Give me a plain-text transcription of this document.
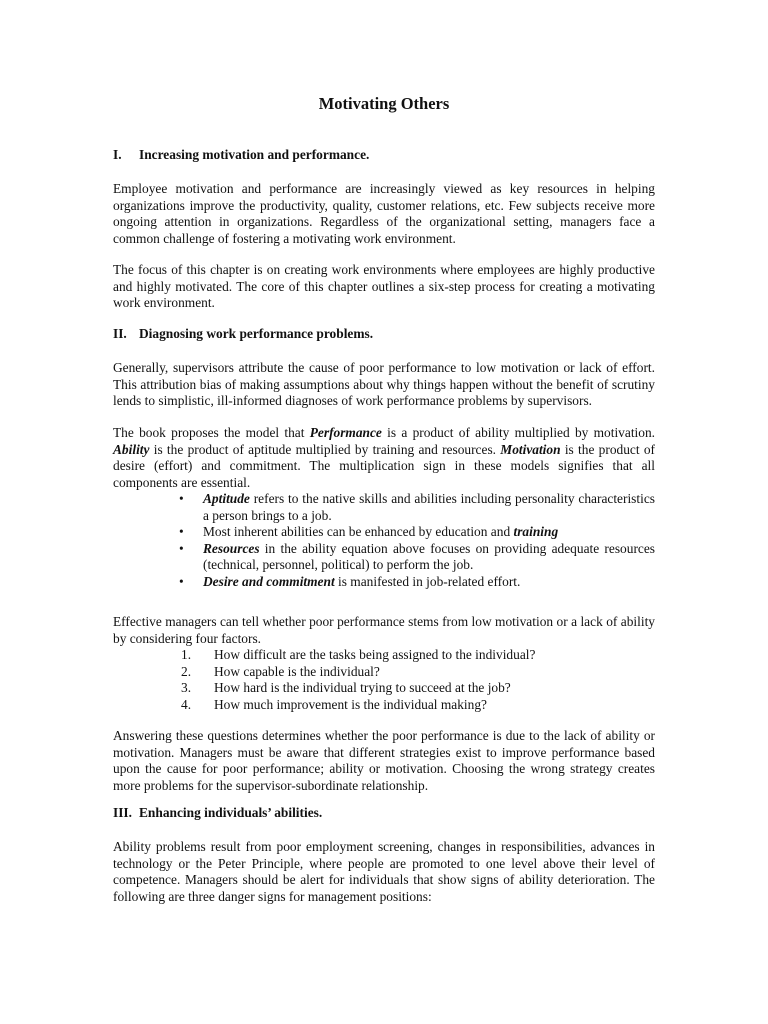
Motivating Others
I. Increasing motivation and performance.

Employee motivation and performance are increasingly viewed as key resources in helping organizations improve the productivity, quality, customer relations, etc. Few subjects receive more ongoing attention in organizations. Regardless of the organizational setting, managers face a common challenge of fostering a motivating work environment.

The focus of this chapter is on creating work environments where employees are highly productive and highly motivated. The core of this chapter outlines a six-step process for creating a motivating work environment.

II. Diagnosing work performance problems.

Generally, supervisors attribute the cause of poor performance to low motivation or lack of effort. This attribution bias of making assumptions about why things happen without the benefit of scrutiny lends to simplistic, ill-informed diagnoses of work performance problems by supervisors.

The book proposes the model that Performance is a product of ability multiplied by motivation. Ability is the product of aptitude multiplied by training and resources. Motivation is the product of desire (effort) and commitment. The multiplication sign in these models signifies that all components are essential.

• Aptitude refers to the native skills and abilities including personality characteristics a person brings to a job.
• Most inherent abilities can be enhanced by education and training
• Resources in the ability equation above focuses on providing adequate resources (technical, personnel, political) to perform the job.
• Desire and commitment is manifested in job-related effort.

Effective managers can tell whether poor performance stems from low motivation or a lack of ability by considering four factors.

1. How difficult are the tasks being assigned to the individual?
2. How capable is the individual?
3. How hard is the individual trying to succeed at the job?
4. How much improvement is the individual making?

Answering these questions determines whether the poor performance is due to the lack of ability or motivation. Managers must be aware that different strategies exist to improve performance based upon the cause for poor performance; ability or motivation. Choosing the wrong strategy creates more problems for the supervisor-subordinate relationship.

III. Enhancing individuals’ abilities.

Ability problems result from poor employment screening, changes in responsibilities, advances in technology or the Peter Principle, where people are promoted to one level above their level of competence. Managers should be alert for individuals that show signs of ability deterioration. The following are three danger signs for management positions:
